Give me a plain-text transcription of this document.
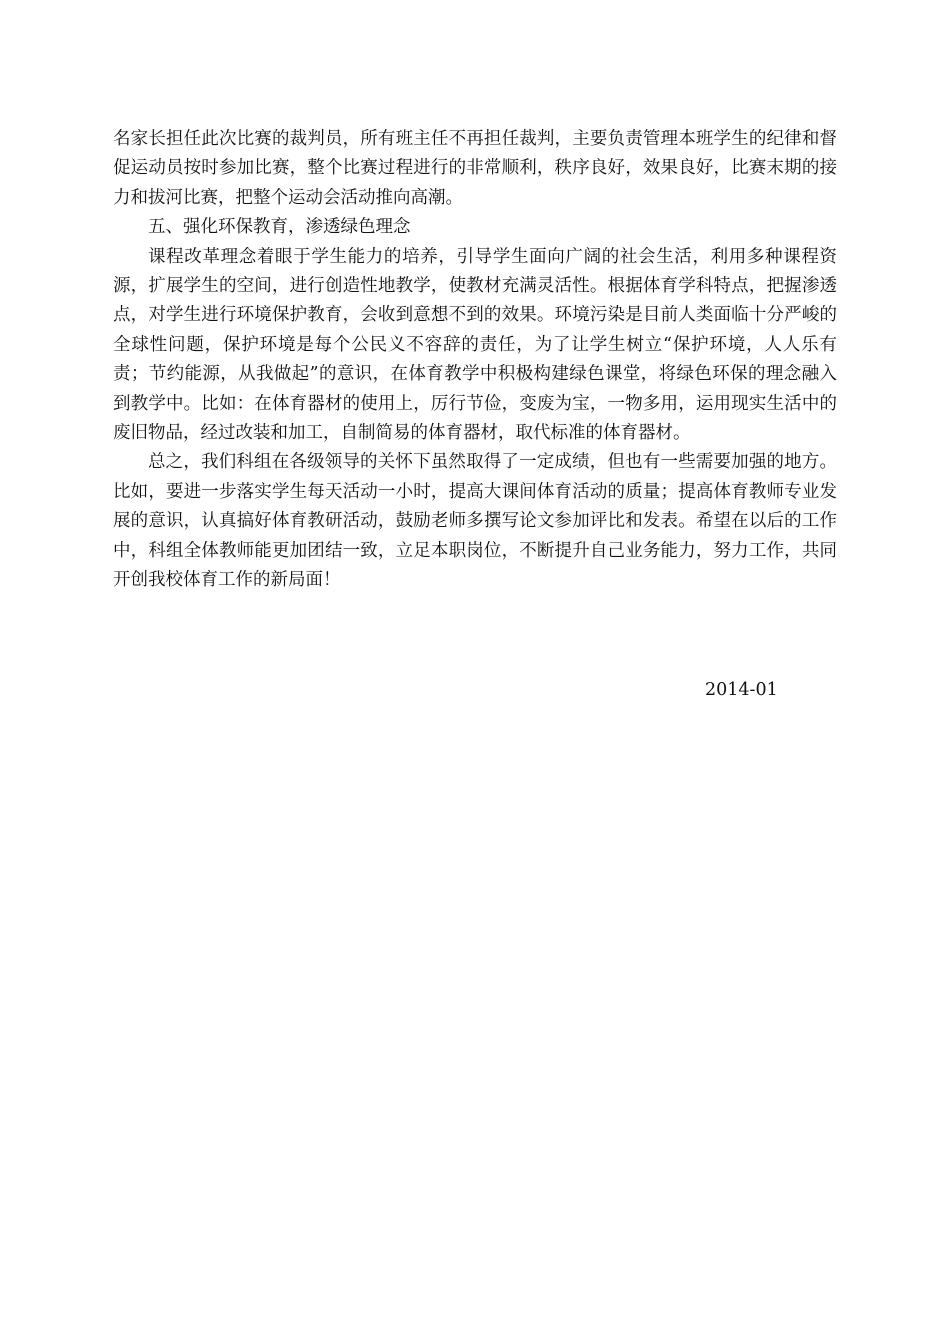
名家长担任此次比赛的裁判员，所有班主任不再担任裁判，主要负责管理本班学生的纪律和督促运动员按时参加比赛，整个比赛过程进行的非常顺利，秩序良好，效果良好，比赛末期的接力和拔河比赛，把整个运动会活动推向高潮。

五、强化环保教育，渗透绿色理念

课程改革理念着眼于学生能力的培养，引导学生面向广阔的社会生活，利用多种课程资源，扩展学生的空间，进行创造性地教学，使教材充满灵活性。根据体育学科特点，把握渗透点，对学生进行环境保护教育，会收到意想不到的效果。环境污染是目前人类面临十分严峻的全球性问题，保护环境是每个公民义不容辞的责任，为了让学生树立“保护环境，人人乐有责；节约能源，从我做起”的意识，在体育教学中积极构建绿色课堂，将绿色环保的理念融入到教学中。比如：在体育器材的使用上，厉行节俭，变废为宝，一物多用，运用现实生活中的废旧物品，经过改装和加工，自制简易的体育器材，取代标准的体育器材。

总之，我们科组在各级领导的关怀下虽然取得了一定成绩，但也有一些需要加强的地方。比如，要进一步落实学生每天活动一小时，提高大课间体育活动的质量；提高体育教师专业发展的意识，认真搞好体育教研活动，鼓励老师多撰写论文参加评比和发表。希望在以后的工作中，科组全体教师能更加团结一致，立足本职岗位，不断提升自己业务能力，努力工作，共同开创我校体育工作的新局面！

2014-01
